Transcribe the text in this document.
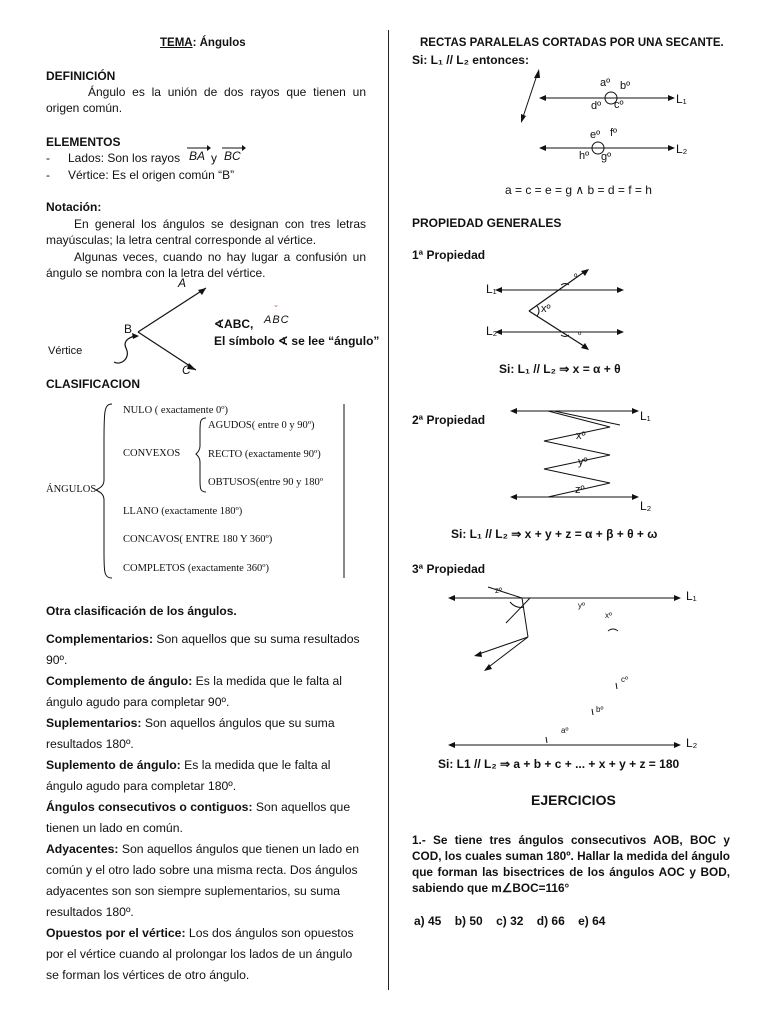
TEMA: Ángulos
DEFINICIÓN

Ángulo es la unión de dos rayos que tienen un origen común.

ELEMENTOS
- Lados: Son los rayos BA y BC
- Vértice: Es el origen común “B”
Notación:

En general los ángulos se designan con tres letras mayúsculas; la letra central corresponde al vértice.

Algunas veces, cuando no hay lugar a confusión un ángulo se nombra con la letra del vértice.

A
B
C
Vértice
∢ABC,
˘
ABC
El símbolo ∢ se lee “ángulo”
CLASIFICACION
ÁNGULOS
NULO ( exactamente 0º)
CONVEXOS
AGUDOS( entre 0 y 90º)
RECTO (exactamente 90º)
OBTUSOS(entre 90 y 180º
LLANO (exactamente 180º)
CONCAVOS( ENTRE 180 Y 360º)
COMPLETOS (exactamente 360º)
Otra clasificación de los ángulos.

Complementarios: Son aquellos que su suma resultados 90º.

Complemento de ángulo: Es la medida que le falta al ángulo agudo para completar 90º.

Suplementarios: Son aquellos ángulos que su suma resultados 180º.

Suplemento de ángulo: Es la medida que le falta al ángulo agudo para completar 180º.

Ángulos consecutivos o contiguos: Son aquellos que tienen un lado en común.

Adyacentes: Son aquellos ángulos que tienen un lado en común y el otro lado sobre una misma recta. Dos ángulos adyacentes son son siempre suplementarios, su suma resultados 180º.

Opuestos por el vértice: Los dos ángulos son opuestos por el vértice cuando al prolongar los lados de un ángulo se forman los vértices de otro ángulo.

RECTAS PARALELAS CORTADAS POR UNA SECANTE.
Si: L₁ // L₂ entonces:
aº bº
dº cº	L₁
eº fº
hº gº
L₂
a = c = e = g ∧ b = d = f = h
PROPIEDAD GENERALES
1ª Propiedad
L₁
L₂
xº
º
º
Si: L₁ // L₂ ⇒ x = α + θ
2ª Propiedad	L₁
xº
yº
zº
L₂
Si: L₁ // L₂ ⇒ x + y + z = α + β + θ + ω
3ª Propiedad
zº
yº
xº
cº
bº
aº
L₁
L₂
Si: L1 // L₂ ⇒ a + b + c + ... + x + y + z = 180
EJERCICIOS

1.- Se tiene tres ángulos consecutivos AOB, BOC y COD, los cuales suman 180º. Hallar la medida del ángulo que forman las bisectrices de los ángulos AOC y BOD, sabiendo que m∠BOC=116°

a) 45 b) 50 c) 32 d) 66 e) 64
